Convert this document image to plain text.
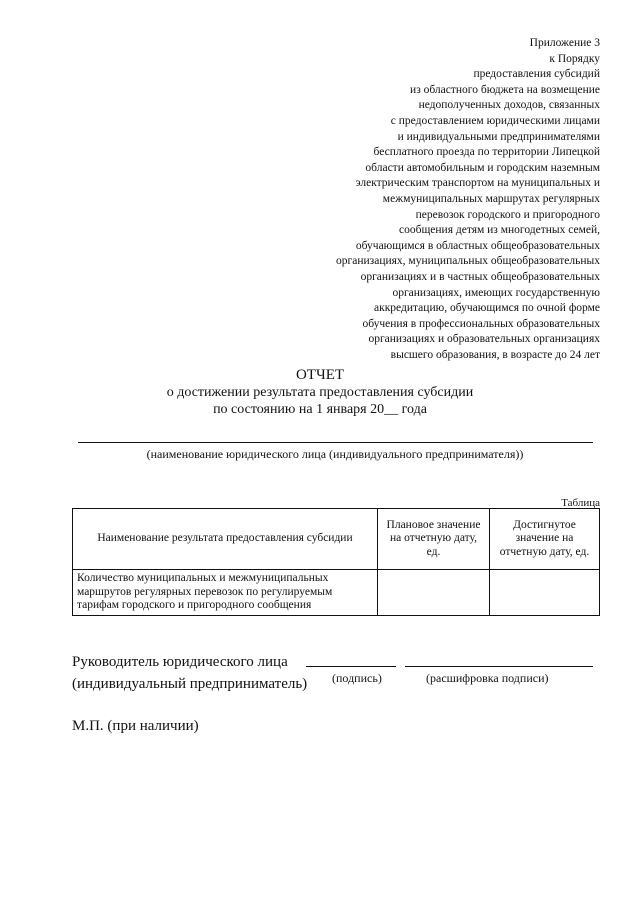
Приложение 3
к Порядку
предоставления субсидий
из областного бюджета на возмещение
недополученных доходов, связанных
с предоставлением юридическими лицами
и индивидуальными предпринимателями
бесплатного проезда по территории Липецкой
области автомобильным и городским наземным
электрическим транспортом на муниципальных и
межмуниципальных маршрутах регулярных
перевозок городского и пригородного
сообщения детям из многодетных семей,
обучающимся в областных общеобразовательных
организациях, муниципальных общеобразовательных
организациях и в частных общеобразовательных
организациях, имеющих государственную
аккредитацию, обучающимся по очной форме
обучения в профессиональных образовательных
организациях и образовательных организациях
высшего образования, в возрасте до 24 лет
ОТЧЕТ
о достижении результата предоставления субсидии
по состоянию на 1 января 20__ года
(наименование юридического лица (индивидуального предпринимателя))
Таблица
Наименование результата предоставления субсидии	Плановое значение на отчетную дату, ед.	Достигнутое значение на отчетную дату, ед.
Количество муниципальных и межмуниципальных маршрутов регулярных перевозок по регулируемым тарифам городского и пригородного сообщения		
Руководитель юридического лица
(индивидуальный предприниматель) (подпись)	(расшифровка подписи)
М.П. (при наличии)
